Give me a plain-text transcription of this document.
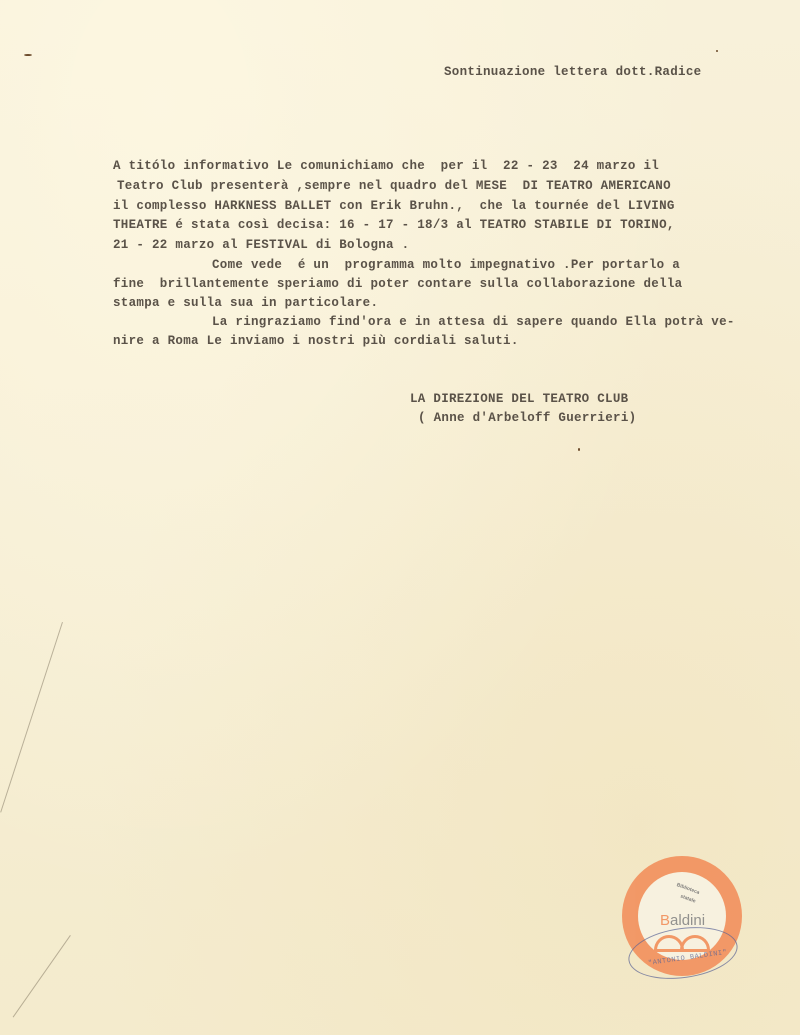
Sontinuazione lettera dott.Radice
A titólo informativo Le comunichiamo che  per il  22 - 23  24 marzo il
Teatro Club presenterà ,sempre nel quadro del MESE  DI TEATRO AMERICANO
il complesso HARKNESS BALLET con Erik Bruhn.,  che la tournée del LIVING
THEATRE é stata così decisa: 16 - 17 - 18/3 al TEATRO STABILE DI TORINO,
21 - 22 marzo al FESTIVAL di Bologna .
Come vede  é un  programma molto impegnativo .Per portarlo a
fine  brillantemente speriamo di poter contare sulla collaborazione della
stampa e sulla sua in particolare.
La ringraziamo find'ora e in attesa di sapere quando Ella potrà ve-
nire a Roma Le inviamo i nostri più cordiali saluti.
LA DIREZIONE DEL TEATRO CLUB
( Anne d'Arbeloff Guerrieri)
Biblioteca
statale
Baldini
"ANTONIO BALDINI"
